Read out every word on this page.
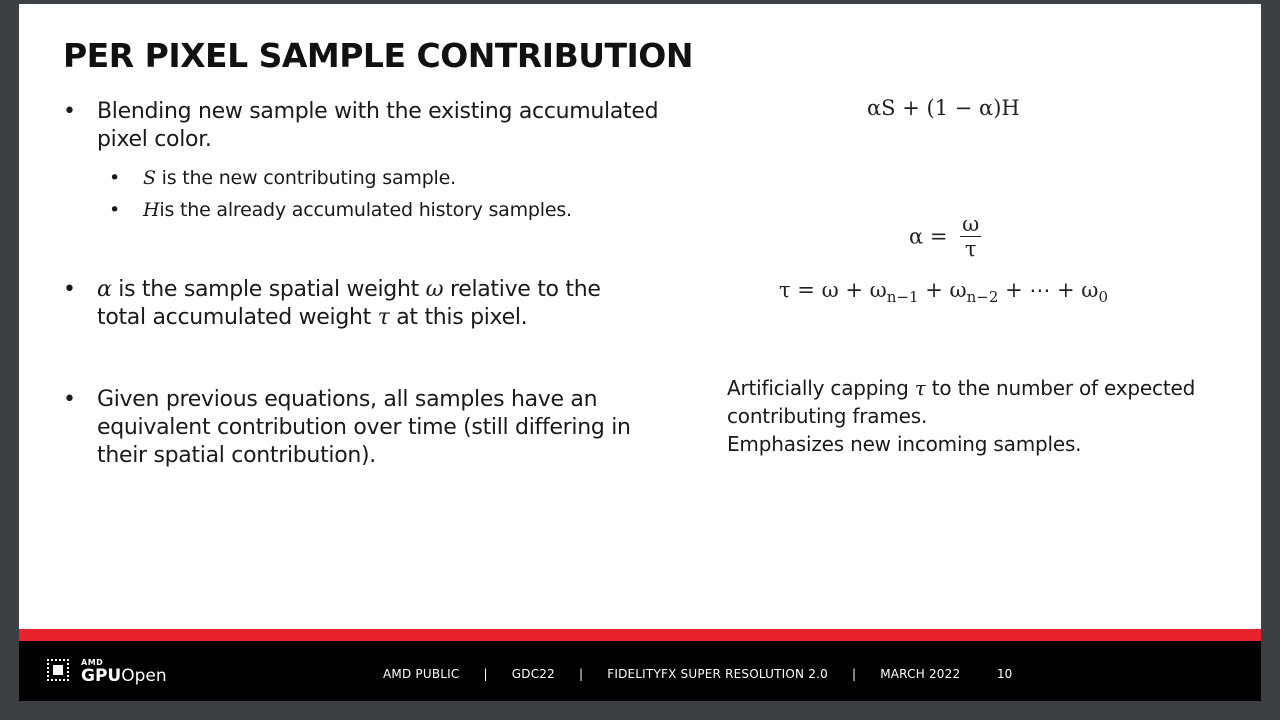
PER PIXEL SAMPLE CONTRIBUTION
• Blending new sample with the existing accumulated
pixel color.
• S is the new contributing sample.
• His the already accumulated history samples.
• α is the sample spatial weight ω relative to the
total accumulated weight τ at this pixel.
• Given previous equations, all samples have an
equivalent contribution over time (still differing in
their spatial contribution).
αS + (1 − α)H
$\alpha = \frac{\omega}{\tau}$
$\tau = \omega + \omega_{n-1} + \omega_{n-2}$ + ⋯ + $\omega_0$
Artificially capping τ to the number of expected
contributing frames.
Emphasizes new incoming samples.
AMD
GPUOpen	AMD PUBLIC | GDC22 | FIDELITYFX SUPER RESOLUTION 2.0 | MARCH 2022	10
